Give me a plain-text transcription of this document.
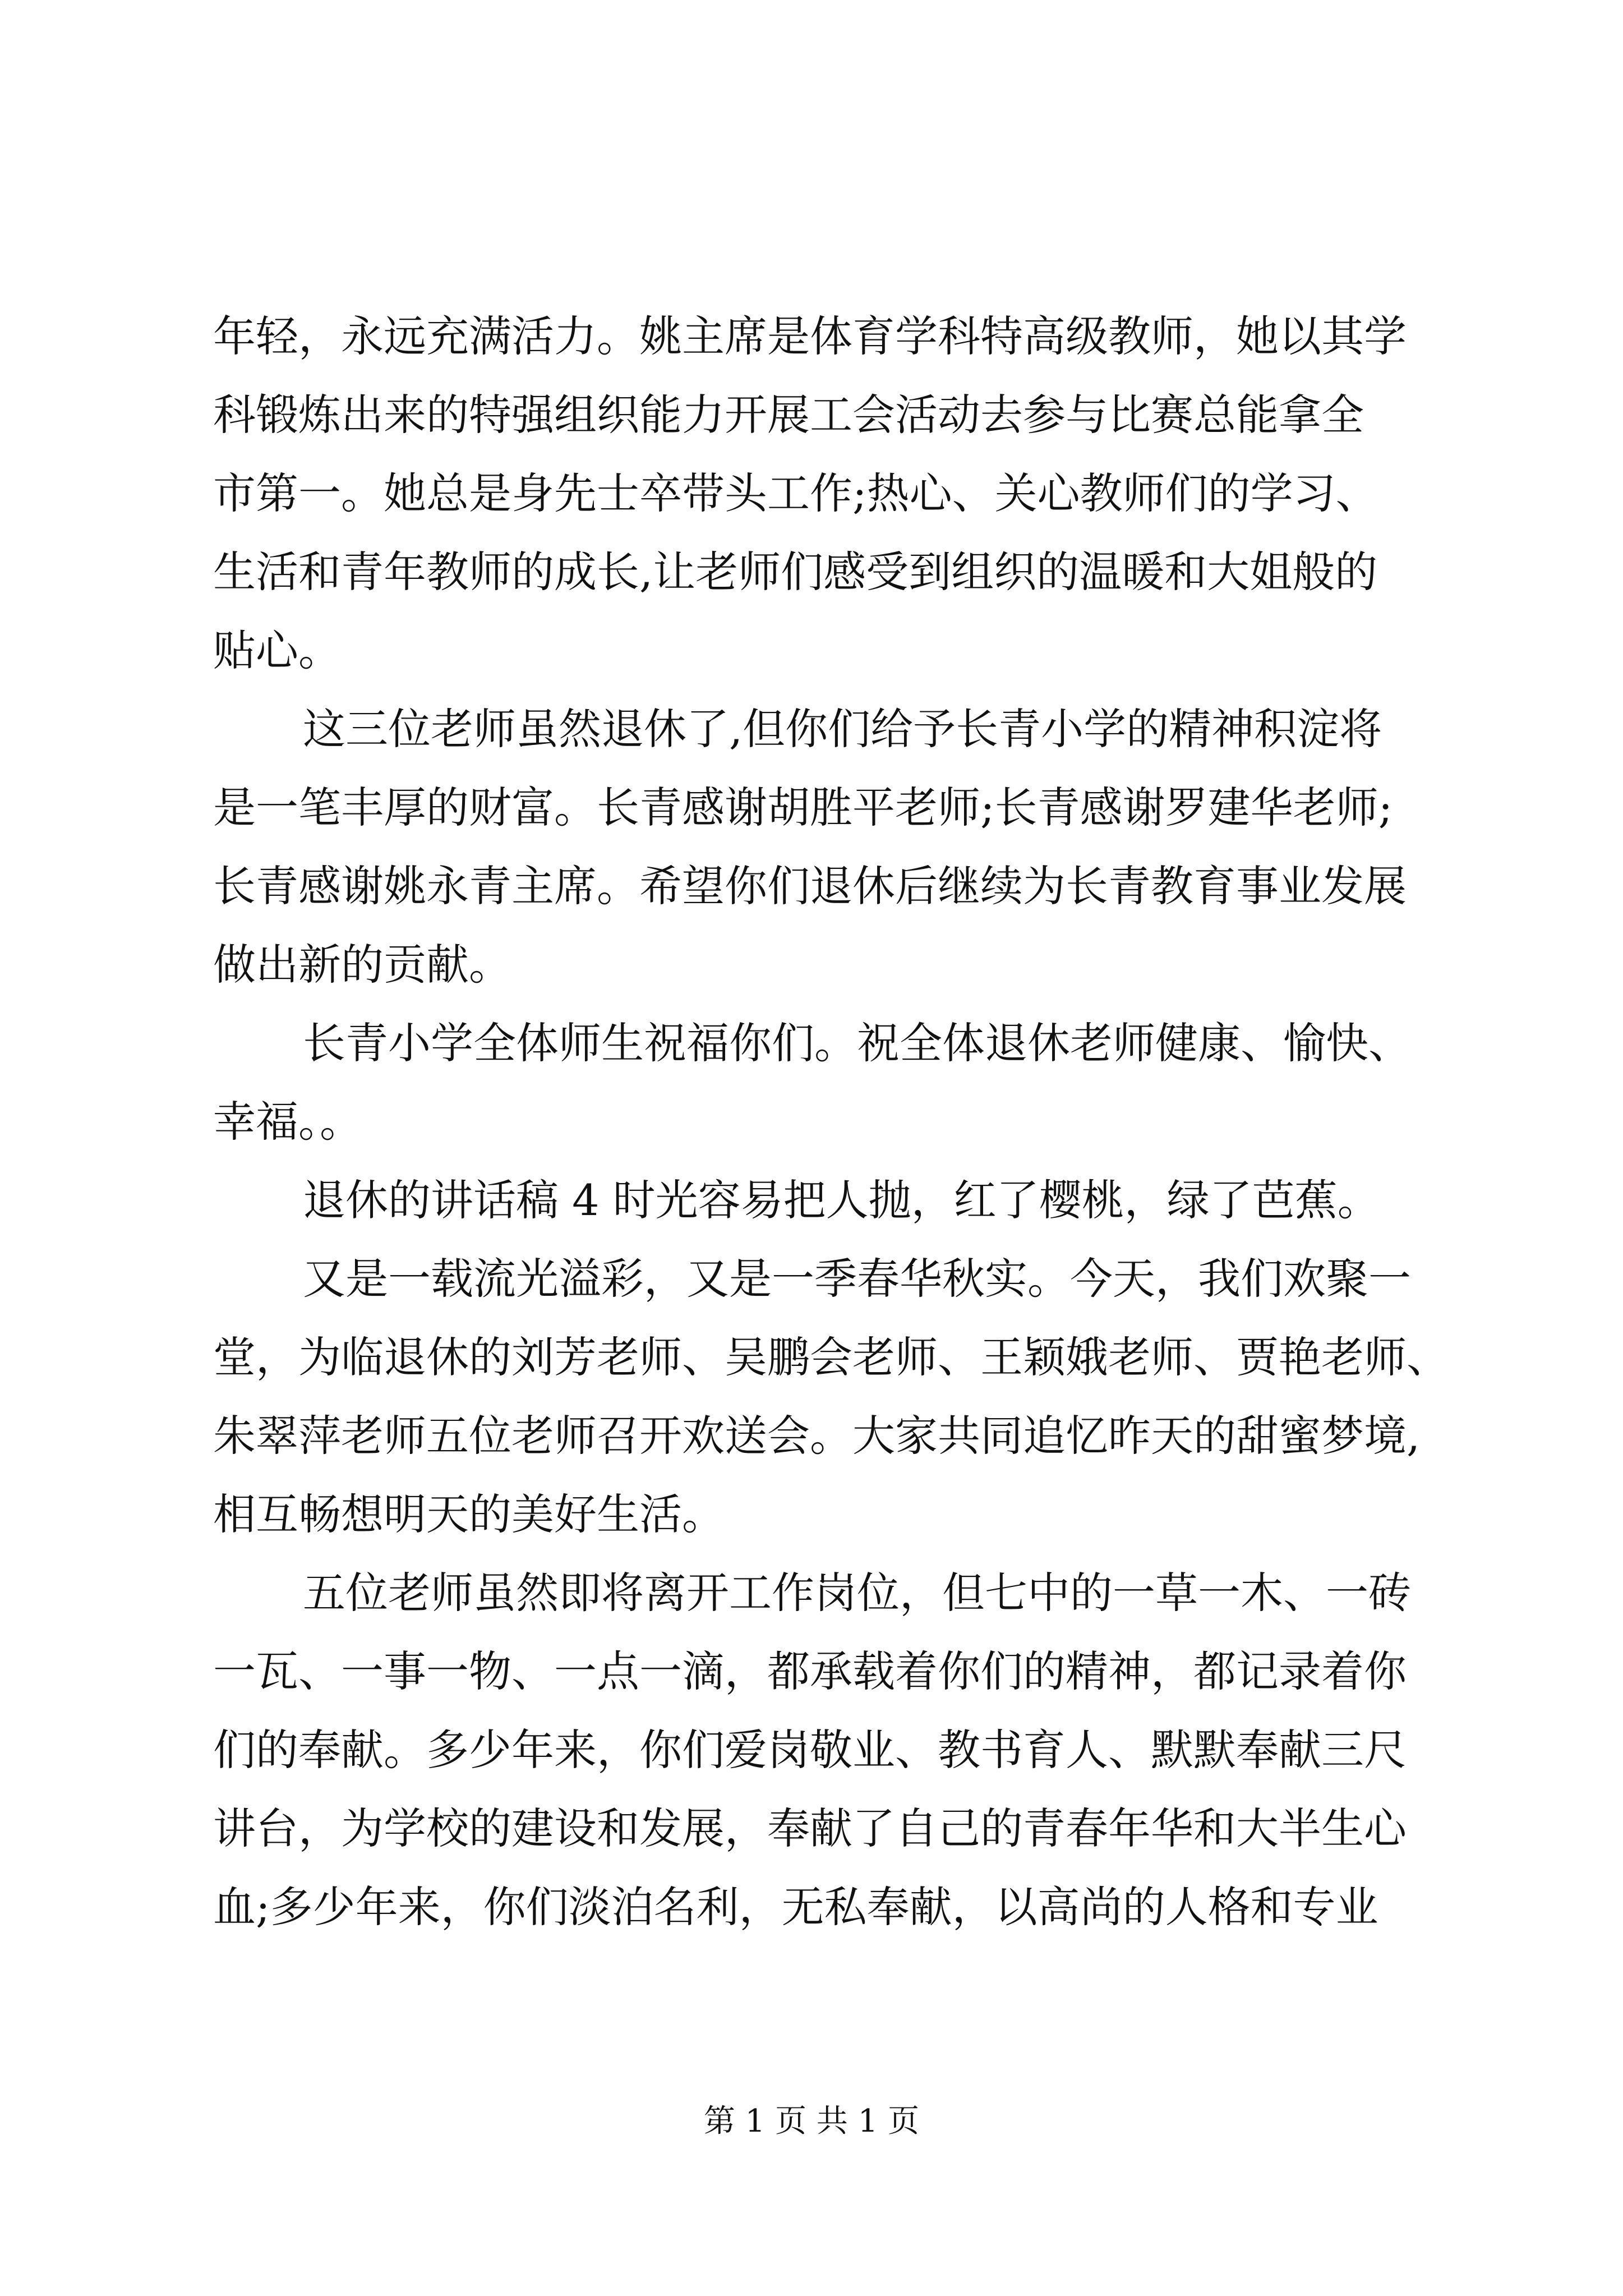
年轻，永远充满活力。姚主席是体育学科特高级教师，她以其学
科锻炼出来的特强组织能力开展工会活动去参与比赛总能拿全
市第一。她总是身先士卒带头工作;热心、关心教师们的学习、
生活和青年教师的成长,让老师们感受到组织的温暖和大姐般的
贴心。
这三位老师虽然退休了,但你们给予长青小学的精神积淀将
是一笔丰厚的财富。长青感谢胡胜平老师;长青感谢罗建华老师;
长青感谢姚永青主席。希望你们退休后继续为长青教育事业发展
做出新的贡献。
长青小学全体师生祝福你们。祝全体退休老师健康、愉快、
幸福。。
退休的讲话稿 4 时光容易把人抛，红了樱桃，绿了芭蕉。
又是一载流光溢彩，又是一季春华秋实。今天，我们欢聚一
堂，为临退休的刘芳老师、吴鹏会老师、王颖娥老师、贾艳老师、
朱翠萍老师五位老师召开欢送会。大家共同追忆昨天的甜蜜梦境,
相互畅想明天的美好生活。
五位老师虽然即将离开工作岗位，但七中的一草一木、一砖
一瓦、一事一物、一点一滴，都承载着你们的精神，都记录着你
们的奉献。多少年来，你们爱岗敬业、教书育人、默默奉献三尺
讲台，为学校的建设和发展，奉献了自己的青春年华和大半生心
血;多少年来，你们淡泊名利，无私奉献，以高尚的人格和专业
第 1 页 共 1 页
